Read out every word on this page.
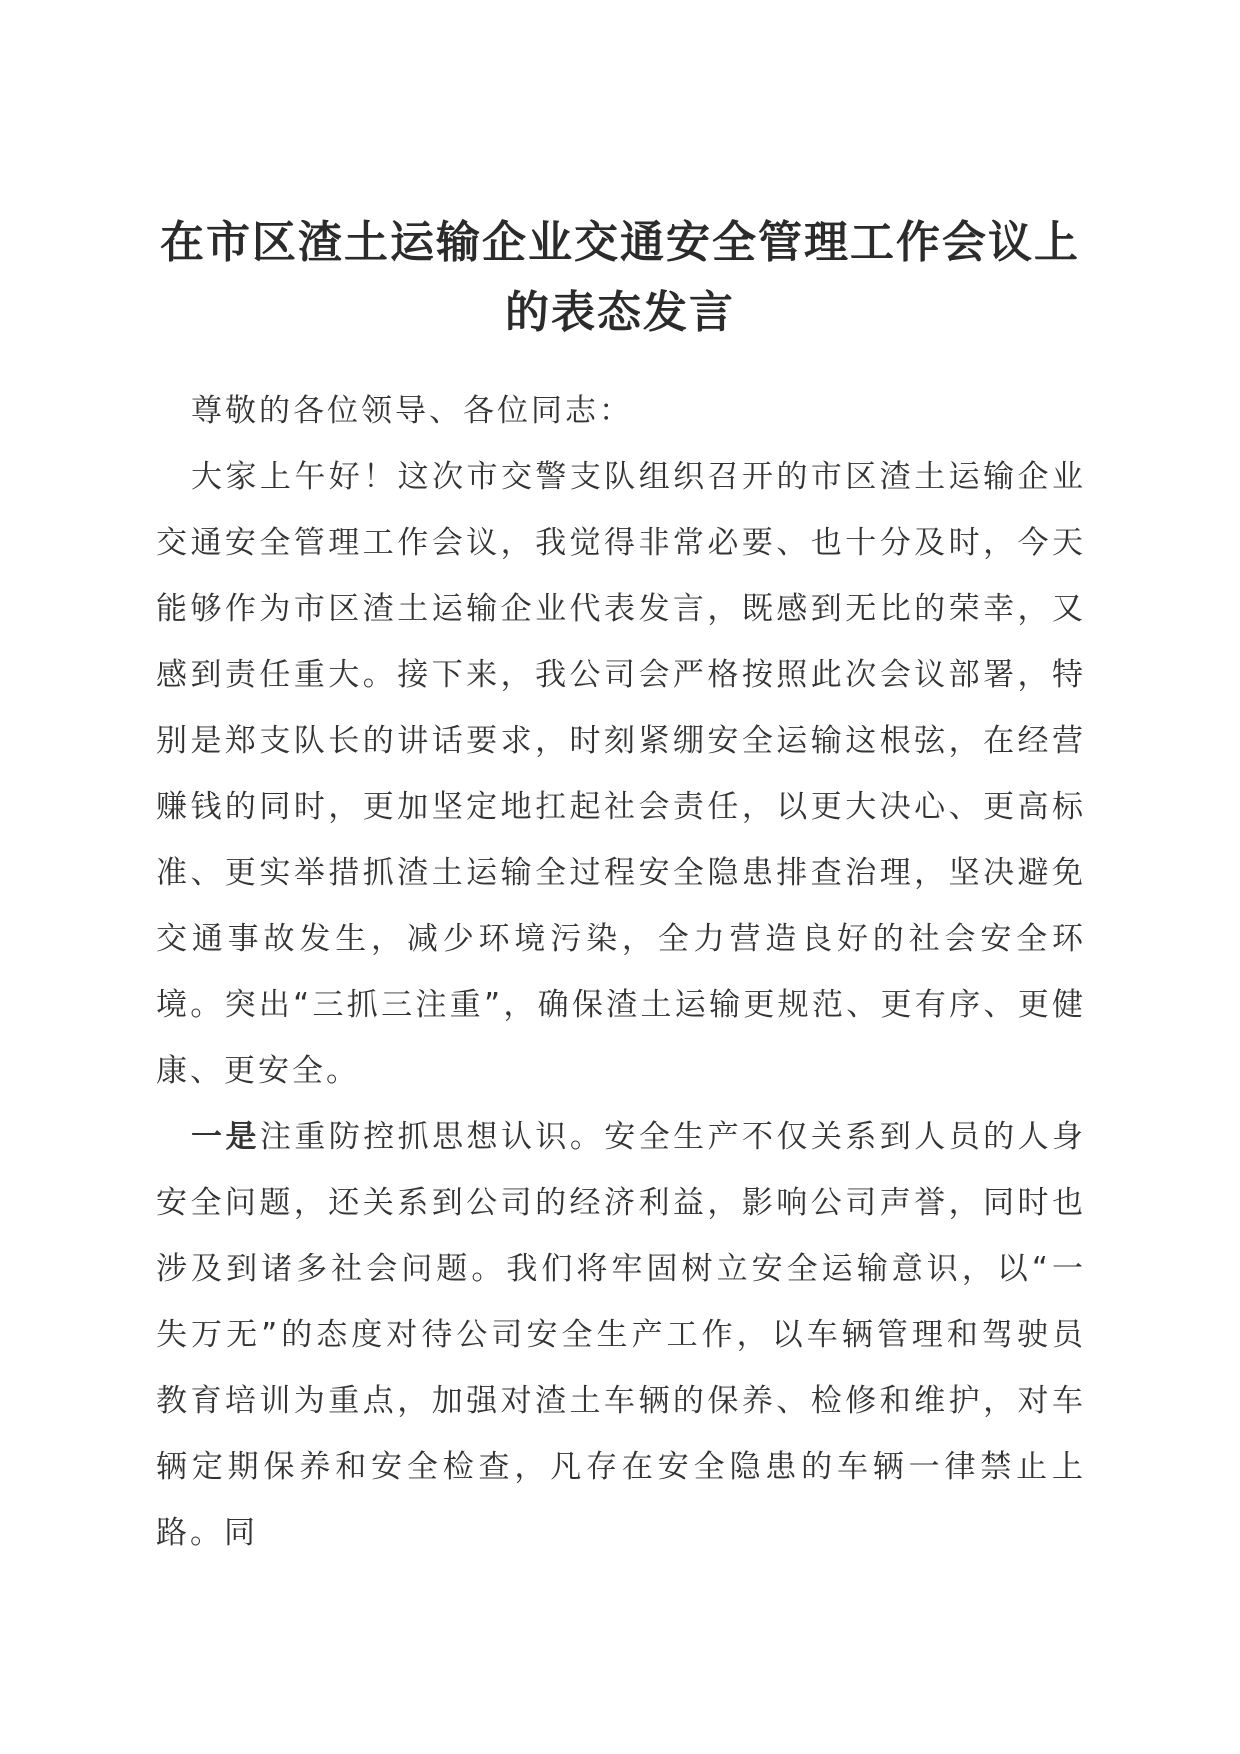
在市区渣土运输企业交通安全管理工作会议上的表态发言

尊敬的各位领导、各位同志：

大家上午好！这次市交警支队组织召开的市区渣土运输企业交通安全管理工作会议，我觉得非常必要、也十分及时，今天能够作为市区渣土运输企业代表发言，既感到无比的荣幸，又感到责任重大。接下来，我公司会严格按照此次会议部署，特别是郑支队长的讲话要求，时刻紧绷安全运输这根弦，在经营赚钱的同时，更加坚定地扛起社会责任，以更大决心、更高标准、更实举措抓渣土运输全过程安全隐患排查治理，坚决避免交通事故发生，减少环境污染，全力营造良好的社会安全环境。突出“三抓三注重”，确保渣土运输更规范、更有序、更健康、更安全。

一是注重防控抓思想认识。安全生产不仅关系到人员的人身安全问题，还关系到公司的经济利益，影响公司声誉，同时也涉及到诸多社会问题。我们将牢固树立安全运输意识，以“一失万无”的态度对待公司安全生产工作，以车辆管理和驾驶员教育培训为重点，加强对渣土车辆的保养、检修和维护，对车辆定期保养和安全检查，凡存在安全隐患的车辆一律禁止上路。同
